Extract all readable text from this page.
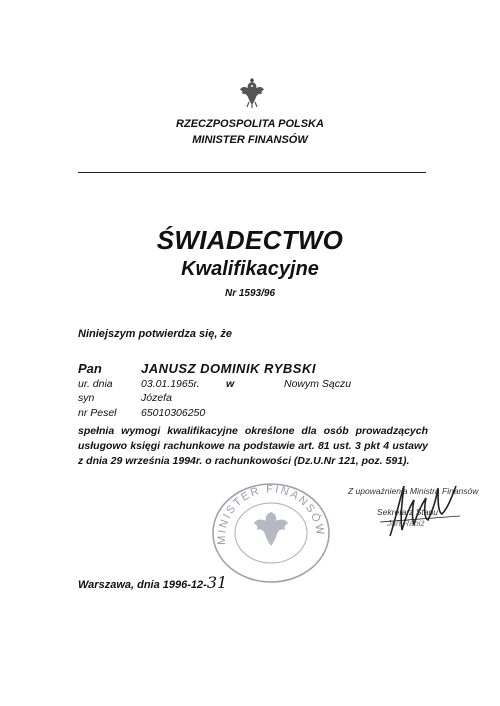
RZECZPOSPOLITA POLSKA
MINISTER FINANSÓW
ŚWIADECTWO
Kwalifikacyjne
Nr 1593/96
Niniejszym potwierdza się, że
Pan	JANUSZ DOMINIK RYBSKI
ur. dnia	03.01.1965r.	w	Nowym Sączu
syn	Józefa
nr Pesel 65010306250
spełnia wymogi kwalifikacyjne określone dla osób prowadzących usługowo księgi rachunkowe na podstawie art. 81 ust. 3 pkt 4 ustawy z dnia 29 września 1994r. o rachunkowości (Dz.U.Nr 121, poz. 591).
MINISTER FINANSÓW
Z upoważnienia Ministra Finansów
Sekretarz Stanu
Jan Rabiż
Warszawa, dnia 1996-12-31
